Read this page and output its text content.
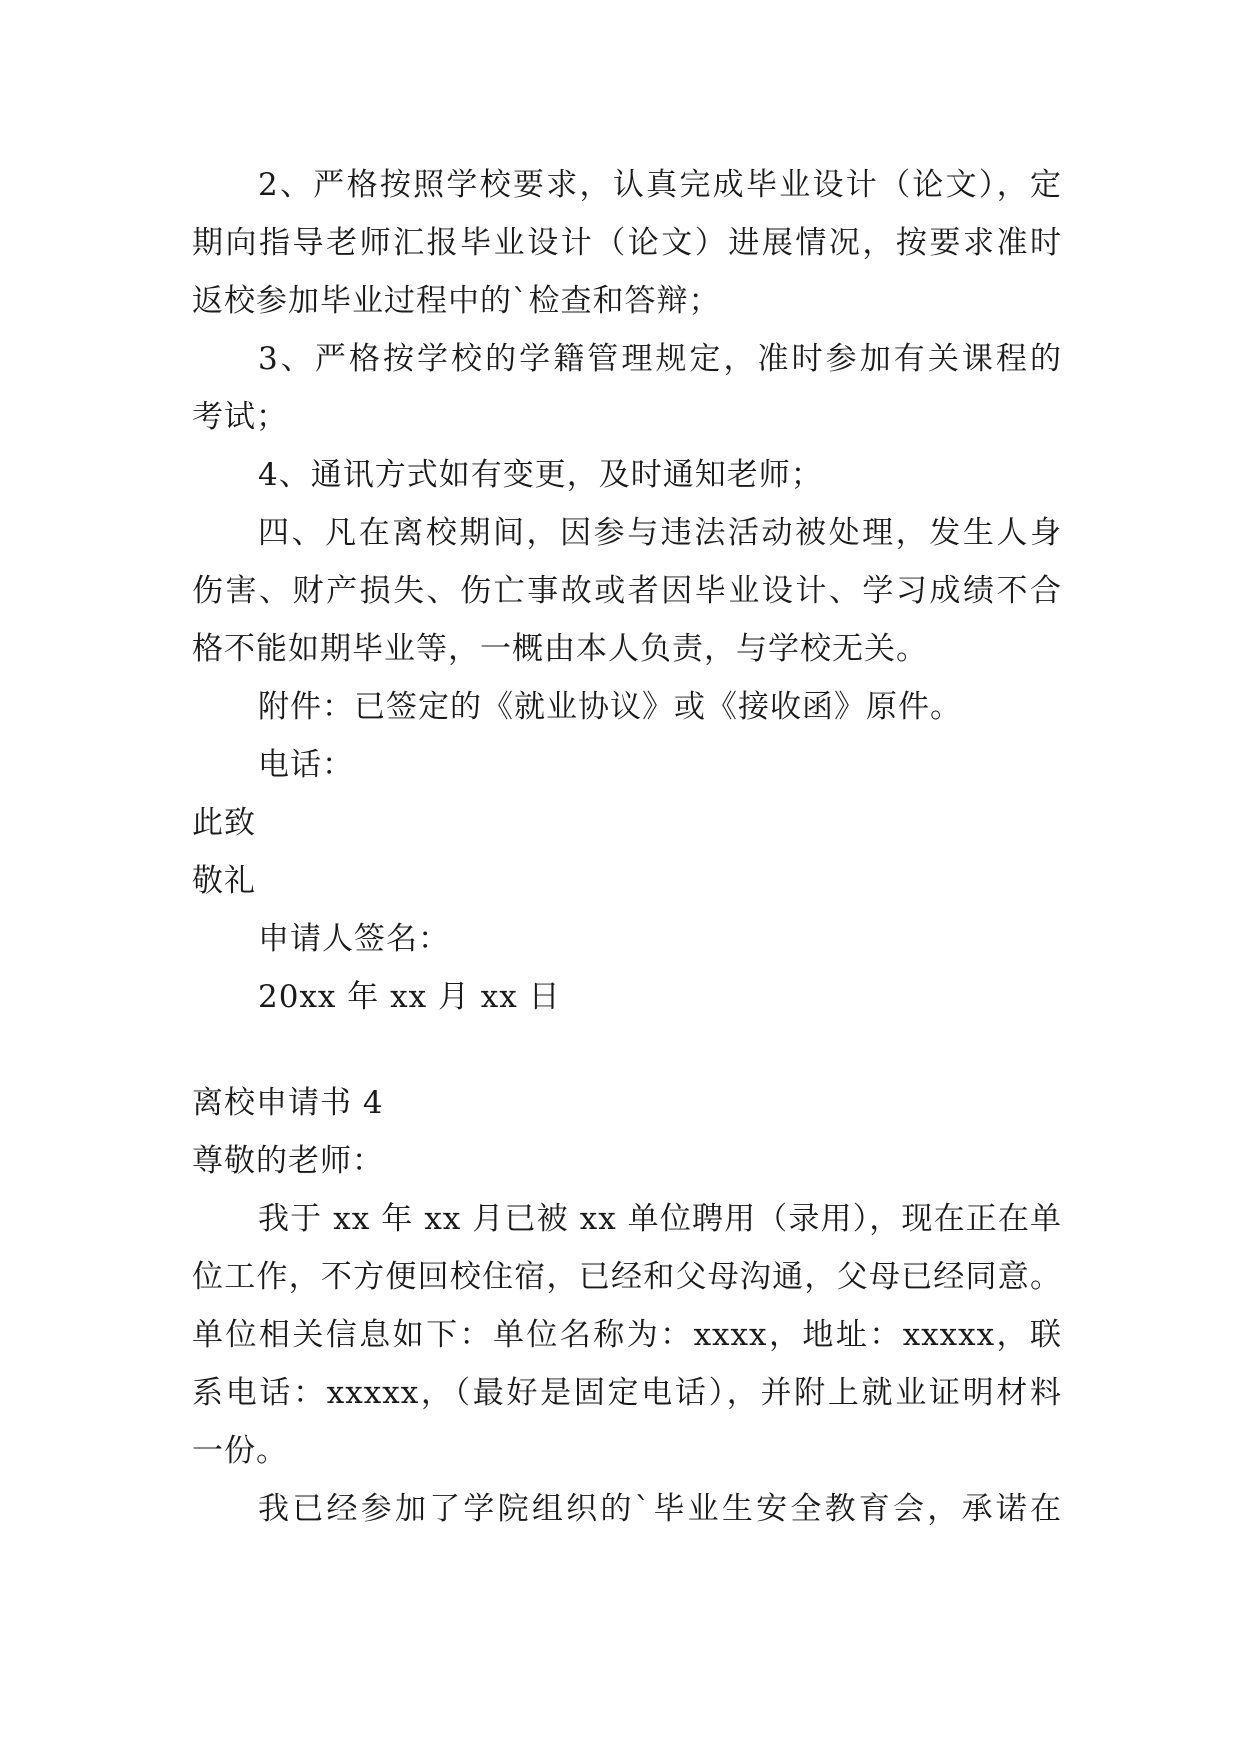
2、严格按照学校要求，认真完成毕业设计（论文），定
期向指导老师汇报毕业设计（论文）进展情况，按要求准时
返校参加毕业过程中的`检查和答辩；
3、严格按学校的学籍管理规定，准时参加有关课程的
考试；
4、通讯方式如有变更，及时通知老师；
四、凡在离校期间，因参与违法活动被处理，发生人身
伤害、财产损失、伤亡事故或者因毕业设计、学习成绩不合
格不能如期毕业等，一概由本人负责，与学校无关。
附件：已签定的《就业协议》或《接收函》原件。
电话：
此致
敬礼
申请人签名：
20xx 年 xx 月 xx 日
离校申请书 4
尊敬的老师：
我于 xx 年 xx 月已被 xx 单位聘用（录用），现在正在单
位工作，不方便回校住宿，已经和父母沟通，父母已经同意。
单位相关信息如下：单位名称为：xxxx，地址：xxxxx，联
系电话：xxxxx，（最好是固定电话），并附上就业证明材料
一份。
我已经参加了学院组织的`毕业生安全教育会，承诺在
